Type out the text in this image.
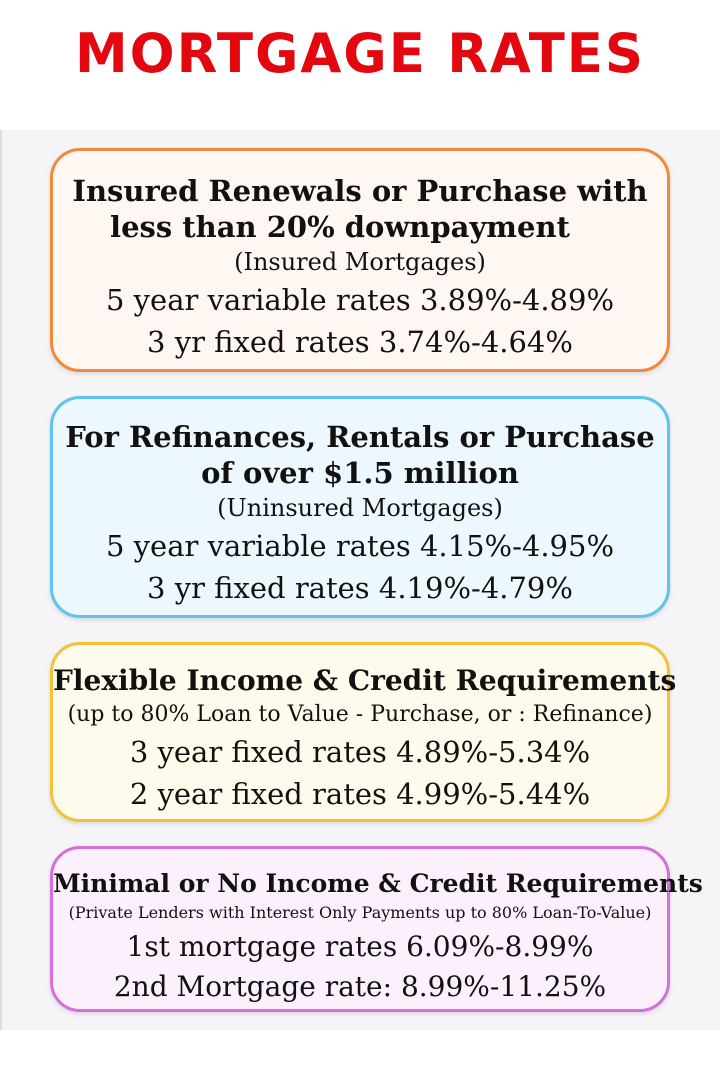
MORTGAGE RATES
Insured Renewals or Purchase with
less than 20% downpayment
(Insured Mortgages)
5 year variable rates 3.89%-4.89%
3 yr fixed rates 3.74%-4.64%
For Refinances, Rentals or Purchase
of over $1.5 million
(Uninsured Mortgages)
5 year variable rates 4.15%-4.95%
3 yr fixed rates 4.19%-4.79%
Flexible Income & Credit Requirements
(up to 80% Loan to Value - Purchase, or : Refinance)
3 year fixed rates 4.89%-5.34%
2 year fixed rates 4.99%-5.44%
Minimal or No Income & Credit Requirements
(Private Lenders with Interest Only Payments up to 80% Loan-To-Value)
1st mortgage rates 6.09%-8.99%
2nd Mortgage rate: 8.99%-11.25%
